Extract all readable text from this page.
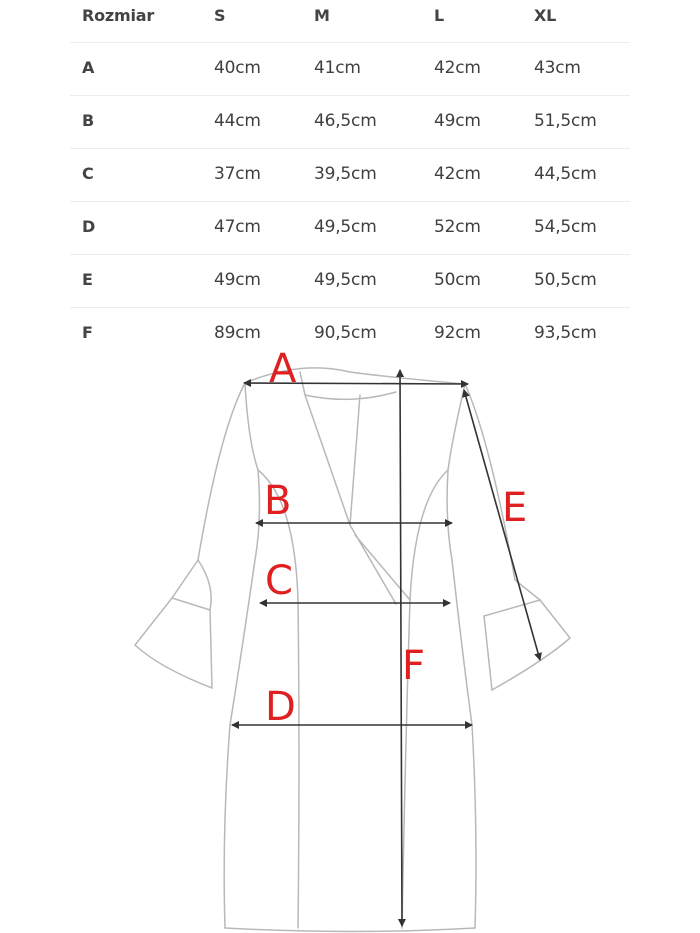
Rozmiar	S	M	L	XL
A	40cm	41cm	42cm	43cm
B	44cm	46,5cm	49cm	51,5cm
C	37cm	39,5cm	42cm	44,5cm
D	47cm	49,5cm	52cm	54,5cm
E	49cm	49,5cm	50cm	50,5cm
F	89cm	90,5cm	92cm	93,5cm
A
B
C
D
E
F
